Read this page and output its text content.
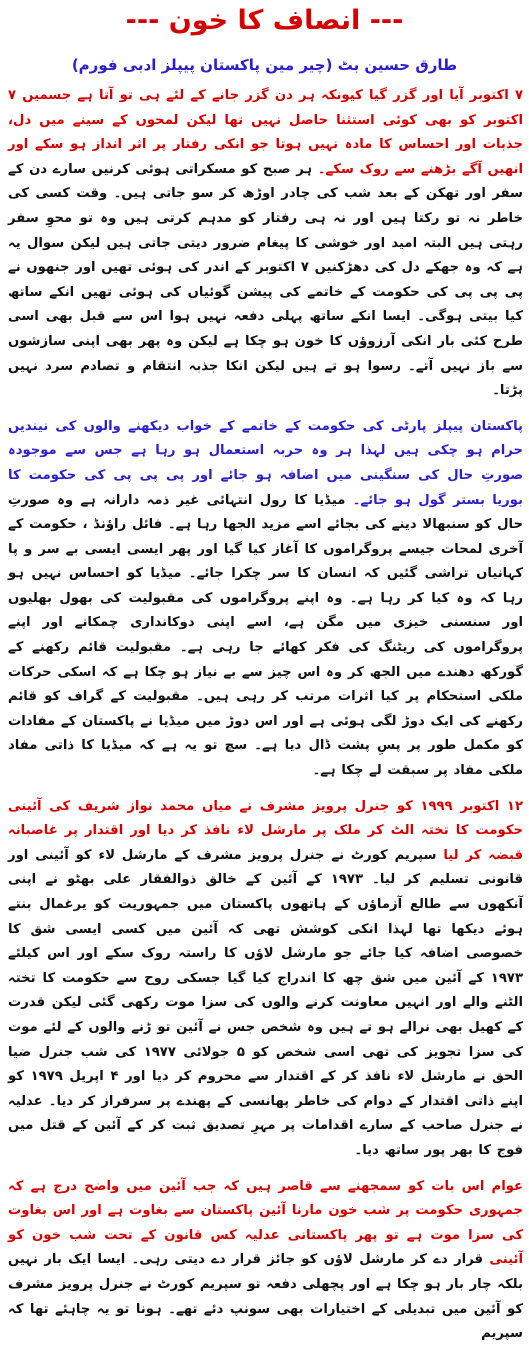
--- انصاف کا خون ---
طارق حسین بٹ (چیر مین پاکستان پیپلز ادبی فورم)

۷ اکتوبر آیا اور گزر گیا کیونکہ ہر دن گزر جانے کے لئے ہی تو آتا ہے جسمیں ۷ اکتوبر کو بھی کوئی استثنا حاصل نہیں تھا لیکن لمحوں کے سینے میں دل، جذبات اور احساس کا مادہ نہیں ہوتا جو انکی رفتار پر اثر انداز ہو سکے اور انھیں آگے بڑھنے سے روک سکے۔ ہر صبح کو مسکراتی ہوئی کرنیں سارے دن کے سفر اور تھکن کے بعد شب کی چادر اوڑھ کر سو جاتی ہیں۔ وقت کسی کی خاطر نہ تو رکتا ہیں اور نہ ہی رفتار کو مدہم کرتی ہیں وہ تو محوِ سفر رہتی ہیں البتہ امید اور خوشی کا پیغام ضرور دیتی جاتی ہیں لیکن سوال یہ ہے کہ وہ جھکے دل کی دھڑکنیں ۷ اکتوبر کے اندر کی ہوئی تھیں اور جنھوں نے پی پی پی کی حکومت کے خاتمے کی پیشن گوئیاں کی ہوئی تھیں انکے ساتھ کیا بیتی ہوگی۔ ایسا انکے ساتھ پہلی دفعہ نہیں ہوا اس سے قبل بھی اسی طرح کئی بار انکی آرزوؤں کا خون ہو چکا ہے لیکن وہ پھر بھی اپنی سازشوں سے باز نہیں آتے۔ رسوا ہو تے ہیں لیکن انکا جذبہ انتقام و تصادم سرد نہیں پڑتا۔

پاکستان پیپلز پارٹی کی حکومت کے خاتمے کے خواب دیکھنے والوں کی نیندیں حرام ہو چکی ہیں لہذا ہر وہ حربہ استعمال ہو رہا ہے جس سے موجودہ صورتِ حال کی سنگینی میں اضافہ ہو جائے اور پی پی پی کی حکومت کا بوریا بستر گول ہو جائے۔ میڈیا کا رول انتہائی غیر ذمہ دارانہ ہے وہ صورتِ حال کو سنبھالا دینے کی بجائے اسے مزید الجھا رہا ہے۔ فائل راؤنڈ ، حکومت کے آخری لمحات جیسے پروگراموں کا آغاز کیا گیا اور پھر ایسی ایسی بے سر و پا کہانیاں تراشی گئیں کہ انسان کا سر چکرا جائے۔ میڈیا کو احساس نہیں ہو رہا کہ وہ کیا کر رہا ہے۔ وہ اپنے پروگراموں کی مقبولیت کی بھول بھلیوں اور سنسنی خیزی میں مگن ہے، اسے اپنی دوکانداری چمکانے اور اپنے پروگراموں کی ریٹنگ کی فکر کھائے جا رہی ہے۔ مقبولیت قائم رکھنے کے گورکھ دھندے میں الجھ کر وہ اس چیز سے بے نیاز ہو چکا ہے کہ اسکی حرکات ملکی استحکام پر کیا اثرات مرتب کر رہی ہیں۔ مقبولیت کے گراف کو قائم رکھنے کی ایک دوڑ لگی ہوئی ہے اور اس دوڑ میں میڈیا نے پاکستان کے مفادات کو مکمل طور پر پسِ پشت ڈال دیا ہے۔ سچ تو یہ ہے کہ میڈیا کا ذاتی مفاد ملکی مفاد پر سبقت لے چکا ہے۔

۱۲ اکتوبر ۱۹۹۹ کو جنرل پرویز مشرف نے میاں محمد نواز شریف کی آئینی حکومت کا تختہ الٹ کر ملک پر مارشل لاء نافذ کر دیا اور اقتدار پر غاصبانہ قبضہ کر لیا سپریم کورٹ نے جنرل پرویز مشرف کے مارشل لاء کو آئینی اور قانونی تسلیم کر لیا۔ ۱۹۷۳ کے آئین کے خالق ذوالفقار علی بھٹو نے اپنی آنکھوں سے طالع آزماؤں کے ہاتھوں پاکستان میں جمہوریت کو یرغمال بنتے ہوئے دیکھا تھا لہذا انکی کوشش تھی کہ آئین میں کسی ایسی شق کا خصوصی اضافہ کیا جائے جو مارشل لاؤں کا راستہ روک سکے اور اس کیلئے ۱۹۷۳ کے آئین میں شق چھ کا اندراج کیا گیا جسکی روح سے حکومت کا تختہ الٹنے والے اور انہیں معاونت کرنے والوں کی سزا موت رکھی گئی لیکن قدرت کے کھیل بھی نرالے ہو تے ہیں وہ شخص جس نے آئین تو ڑنے والوں کے لئے موت کی سزا تجویز کی تھی اسی شخص کو ۵ جولائی ۱۹۷۷ کی شب جنرل ضیا الحق نے مارشل لاء نافذ کر کے اقتدار سے محروم کر دیا اور ۴ اپریل ۱۹۷۹ کو اپنے ذاتی اقتدار کے دوام کی خاطر پھانسی کے پھندے پر سرفراز کر دیا۔ عدلیہ نے جنرل صاحب کے سارے اقدامات پر مہرِ تصدیق ثبت کر کے آئین کے قتل میں فوج کا بھر پور ساتھ دیا۔

عوام اس بات کو سمجھنے سے قاصر ہیں کہ جب آئین میں واضح درج ہے کہ جمہوری حکومت پر شب خون مارنا آئین پاکستان سے بغاوت ہے اور اس بغاوت کی سزا موت ہے تو پھر پاکستانی عدلیہ کس قانون کے تحت شب خون کو آئینی قرار دے کر مارشل لاؤں کو جائز قرار دے دیتی رہی۔ ایسا ایک بار نہیں بلکہ چار بار ہو چکا ہے اور پچھلی دفعہ تو سپریم کورٹ نے جنرل پرویز مشرف کو آئین میں تبدیلی کے اختیارات بھی سونپ دئے تھے۔ ہونا تو یہ چاہئے تھا کہ سپریم
